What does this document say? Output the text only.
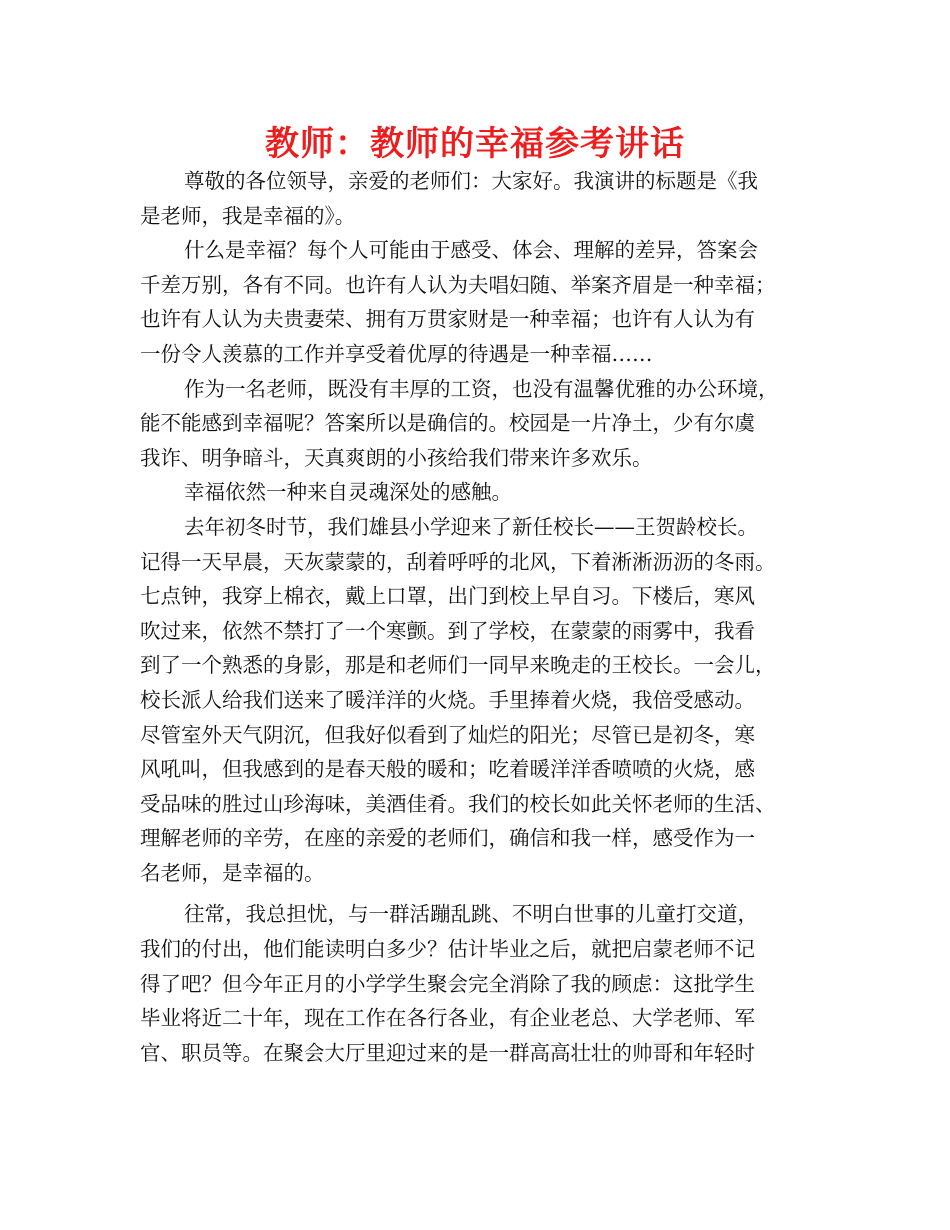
教师：教师的幸福参考讲话
尊敬的各位领导，亲爱的老师们：大家好。我演讲的标题是《我
是老师，我是幸福的》。
什么是幸福？每个人可能由于感受、体会、理解的差异，答案会
千差万别，各有不同。也许有人认为夫唱妇随、举案齐眉是一种幸福；
也许有人认为夫贵妻荣、拥有万贯家财是一种幸福；也许有人认为有
一份令人羡慕的工作并享受着优厚的待遇是一种幸福……
作为一名老师，既没有丰厚的工资，也没有温馨优雅的办公环境，
能不能感到幸福呢？答案所以是确信的。校园是一片净土，少有尔虞
我诈、明争暗斗，天真爽朗的小孩给我们带来许多欢乐。
幸福依然一种来自灵魂深处的感触。
去年初冬时节，我们雄县小学迎来了新任校长——王贺龄校长。
记得一天早晨，天灰蒙蒙的，刮着呼呼的北风，下着淅淅沥沥的冬雨。
七点钟，我穿上棉衣，戴上口罩，出门到校上早自习。下楼后，寒风
吹过来，依然不禁打了一个寒颤。到了学校，在蒙蒙的雨雾中，我看
到了一个熟悉的身影，那是和老师们一同早来晚走的王校长。一会儿，
校长派人给我们送来了暖洋洋的火烧。手里捧着火烧，我倍受感动。
尽管室外天气阴沉，但我好似看到了灿烂的阳光；尽管已是初冬，寒
风吼叫，但我感到的是春天般的暖和；吃着暖洋洋香喷喷的火烧，感
受品味的胜过山珍海味，美酒佳肴。我们的校长如此关怀老师的生活、
理解老师的辛劳，在座的亲爱的老师们，确信和我一样，感受作为一
名老师，是幸福的。
往常，我总担忧，与一群活蹦乱跳、不明白世事的儿童打交道，
我们的付出，他们能读明白多少？估计毕业之后，就把启蒙老师不记
得了吧？但今年正月的小学学生聚会完全消除了我的顾虑：这批学生
毕业将近二十年，现在工作在各行各业，有企业老总、大学老师、军
官、职员等。在聚会大厅里迎过来的是一群高高壮壮的帅哥和年轻时
